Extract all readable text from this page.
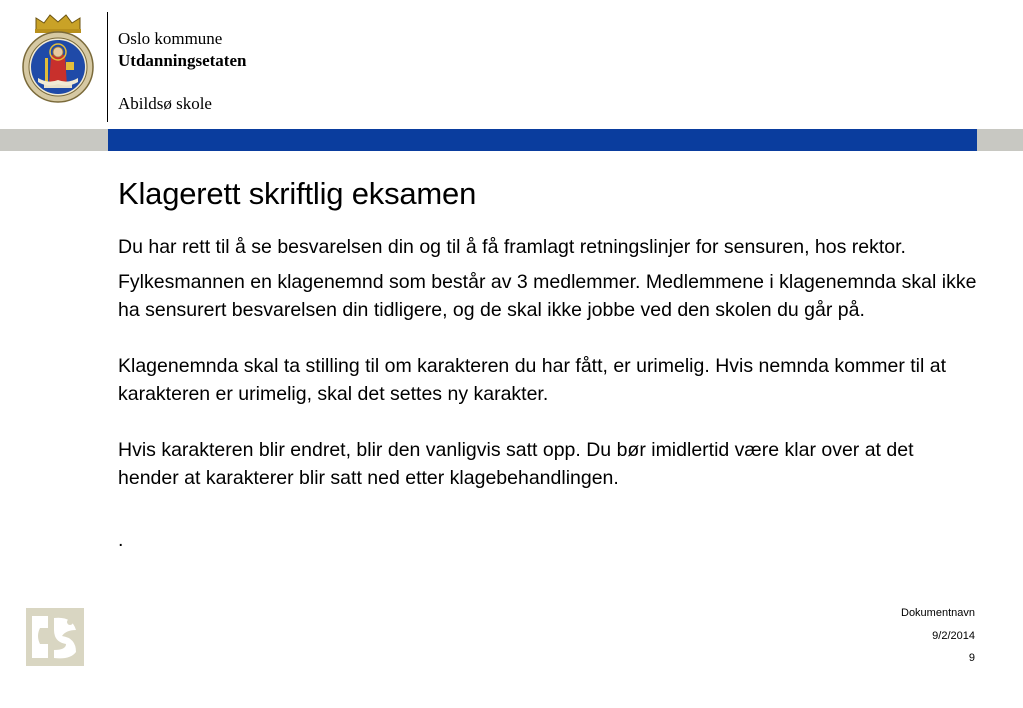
Oslo kommune
Utdanningsetaten
Abildsø skole
Klagerett skriftlig eksamen

Du har rett til å se besvarelsen din og til å få framlagt retningslinjer for sensuren, hos rektor.

Fylkesmannen en klagenemnd som består av 3 medlemmer. Medlemmene i klagenemnda skal ikke ha sensurert besvarelsen din tidligere, og de skal ikke jobbe ved den skolen du går på.

Klagenemnda skal ta stilling til om karakteren du har fått, er urimelig. Hvis nemnda kommer til at karakteren er urimelig, skal det settes ny karakter.

Hvis karakteren blir endret, blir den vanligvis satt opp. Du bør imidlertid være klar over at det hender at karakterer blir satt ned etter klagebehandlingen.

.

Dokumentnavn
9/2/2014
9
